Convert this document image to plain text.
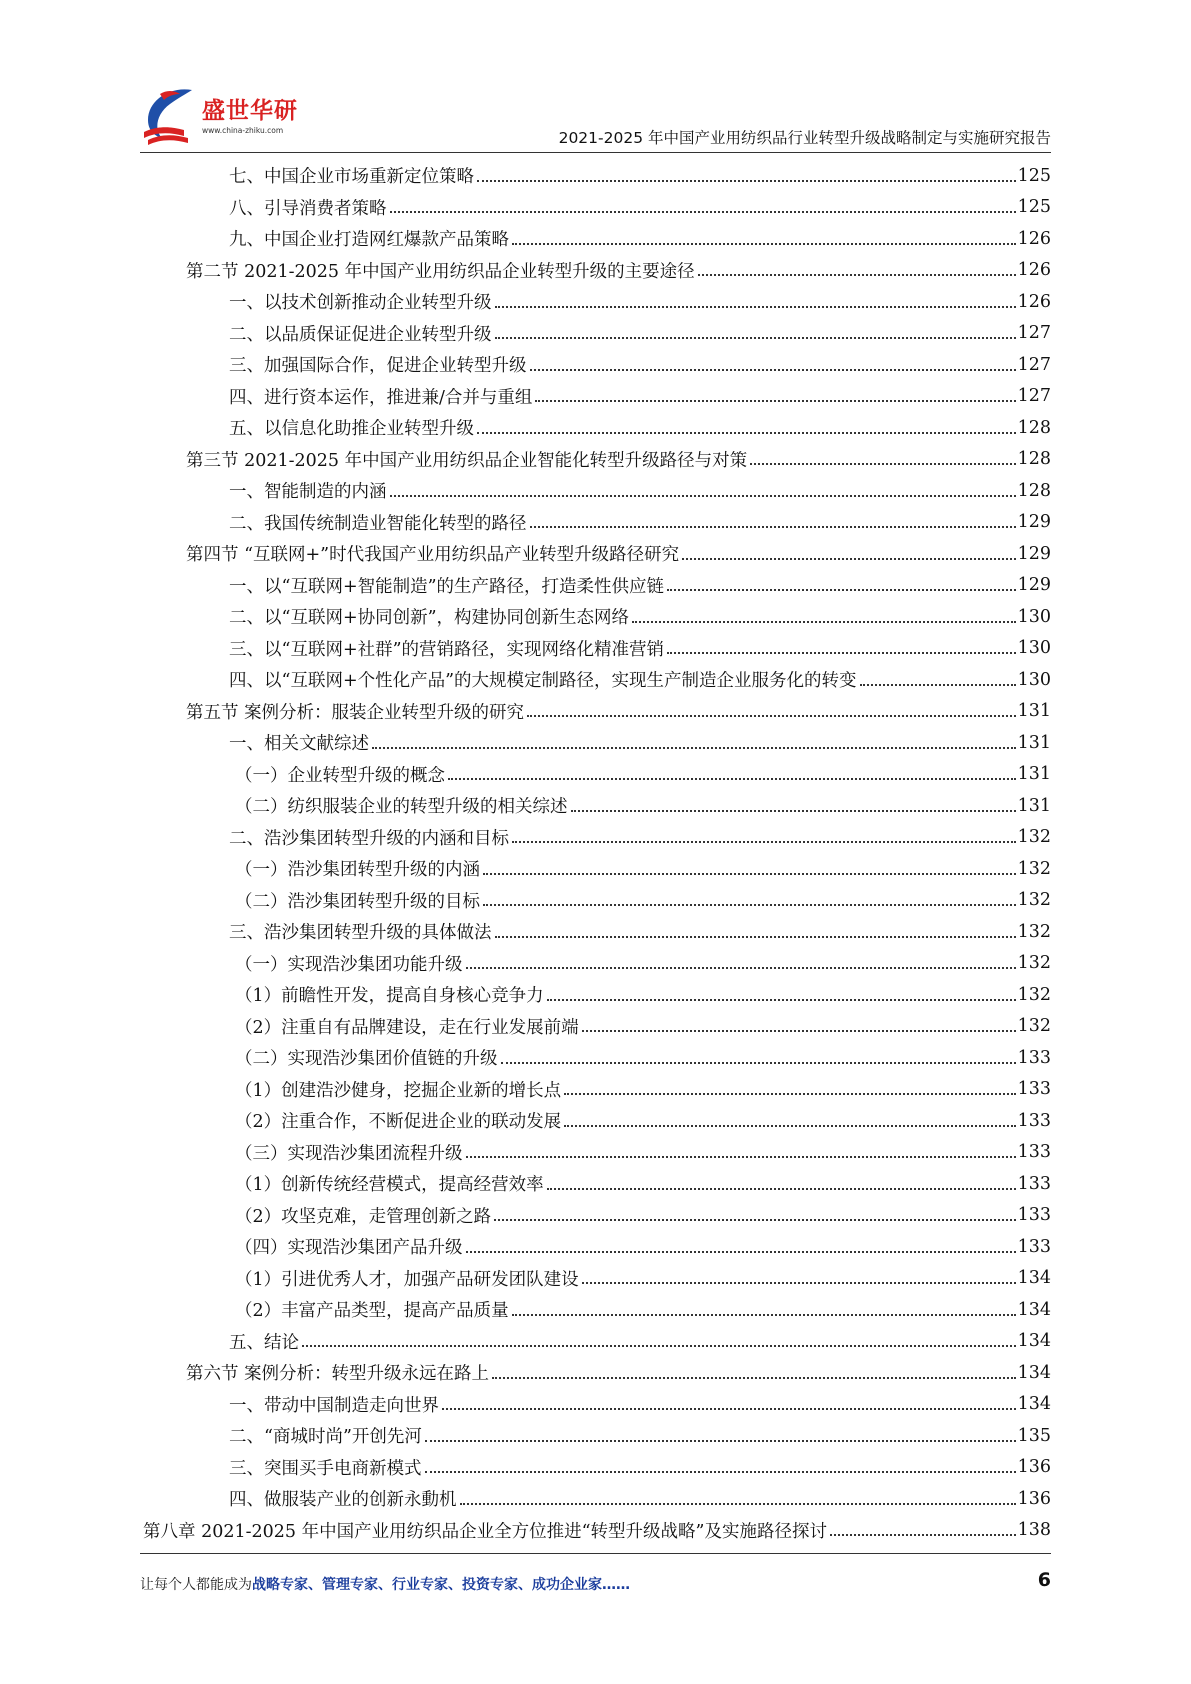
盛世华研
www.china-zhiku.com	2021-2025 年中国产业用纺织品行业转型升级战略制定与实施研究报告
七、中国企业市场重新定位策略	125
八、引导消费者策略	125
九、中国企业打造网红爆款产品策略	126
第二节 2021-2025 年中国产业用纺织品企业转型升级的主要途径	126
一、以技术创新推动企业转型升级	126
二、以品质保证促进企业转型升级	127
三、加强国际合作，促进企业转型升级	127
四、进行资本运作，推进兼/合并与重组	127
五、以信息化助推企业转型升级	128
第三节 2021-2025 年中国产业用纺织品企业智能化转型升级路径与对策	128
一、智能制造的内涵	128
二、我国传统制造业智能化转型的路径	129
第四节 “互联网+”时代我国产业用纺织品产业转型升级路径研究	129
一、以“互联网+智能制造”的生产路径，打造柔性供应链	129
二、以“互联网+协同创新”，构建协同创新生态网络	130
三、以“互联网+社群”的营销路径，实现网络化精准营销	130
四、以“互联网+个性化产品”的大规模定制路径，实现生产制造企业服务化的转变	130
第五节 案例分析：服装企业转型升级的研究	131
一、相关文献综述	131
（一）企业转型升级的概念	131
（二）纺织服装企业的转型升级的相关综述	131
二、浩沙集团转型升级的内涵和目标	132
（一）浩沙集团转型升级的内涵	132
（二）浩沙集团转型升级的目标	132
三、浩沙集团转型升级的具体做法	132
（一）实现浩沙集团功能升级	132
（1）前瞻性开发，提高自身核心竞争力	132
（2）注重自有品牌建设，走在行业发展前端	132
（二）实现浩沙集团价值链的升级	133
（1）创建浩沙健身，挖掘企业新的增长点	133
（2）注重合作，不断促进企业的联动发展	133
（三）实现浩沙集团流程升级	133
（1）创新传统经营模式，提高经营效率	133
（2）攻坚克难，走管理创新之路	133
（四）实现浩沙集团产品升级	133
（1）引进优秀人才，加强产品研发团队建设	134
（2）丰富产品类型，提高产品质量	134
五、结论	134
第六节 案例分析：转型升级永远在路上	134
一、带动中国制造走向世界	134
二、“商城时尚”开创先河	135
三、突围买手电商新模式	136
四、做服装产业的创新永動机	136
第八章 2021-2025 年中国产业用纺织品企业全方位推进“转型升级战略”及实施路径探讨	138
让每个人都能成为战略专家、管理专家、行业专家、投资专家、成功企业家……	6
